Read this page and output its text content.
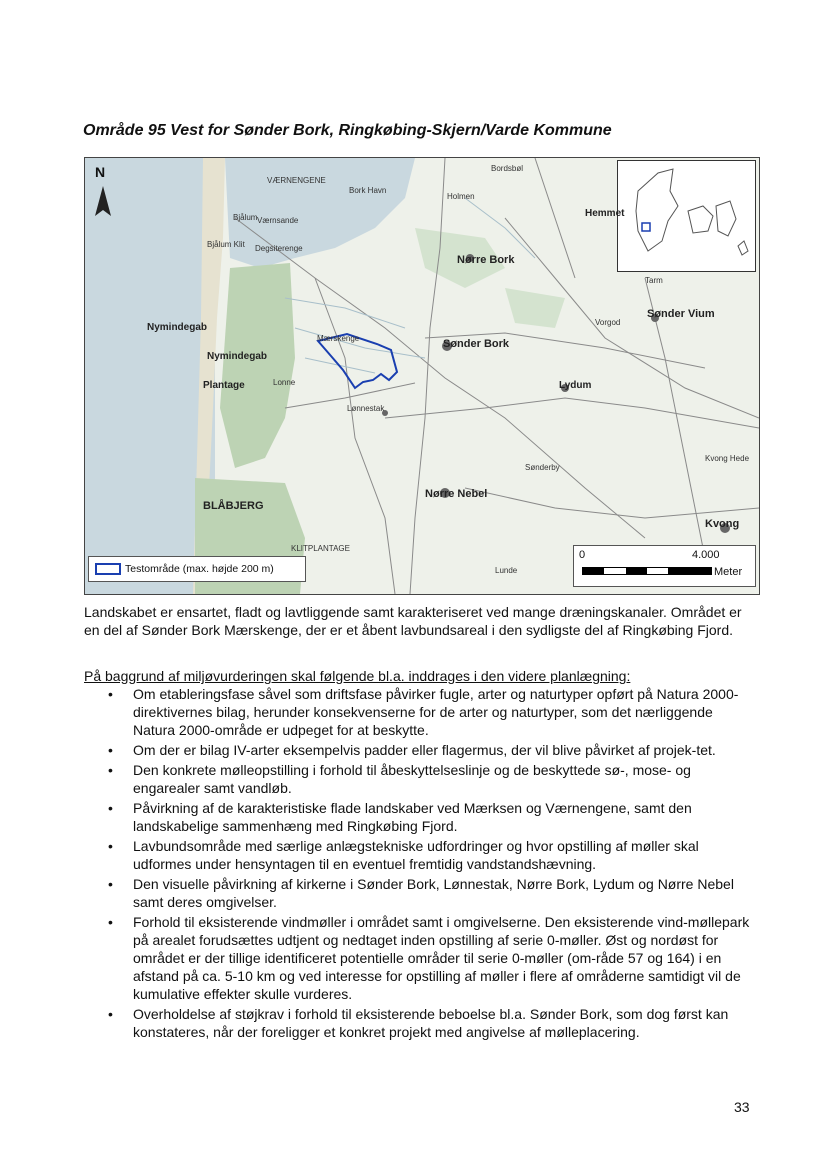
Område 95 Vest for Sønder Bork, Ringkøbing-Skjern/Varde Kommune
N
VÆRNENGENE
Bork Havn
Bjålum Værnsande
Bjålum Klit Degsiterenge
Nymindegab
Nymindegab
Plantage	Lonne
Lønnestak
Sønder Bork
Nørre Bork
Sønder Vium
Lydum
Nørre Nebel
BLÅBJERG
Kvong
Sønderby
Holmen
Bordsbøl
Mærskenge
Vorgod
Lunde
Tarm
Hemmet
Kvong Hede
KLITPLANTAGE
Testområde (max. højde 200 m)
0	4.000
Meter

Landskabet er ensartet, fladt og lavtliggende samt karakteriseret ved mange dræningskanaler. Området er en del af Sønder Bork Mærskenge, der er et åbent lavbundsareal i den sydligste del af Ringkøbing Fjord.

På baggrund af miljøvurderingen skal følgende bl.a. inddrages i den videre planlægning:

• Om etableringsfase såvel som driftsfase påvirker fugle, arter og naturtyper opført på Natura 2000-direktivernes bilag, herunder konsekvenserne for de arter og naturtyper, som det nærliggende Natura 2000-område er udpeget for at beskytte.
• Om der er bilag IV-arter eksempelvis padder eller flagermus, der vil blive påvirket af projek-tet.
• Den konkrete mølleopstilling i forhold til åbeskyttelseslinje og de beskyttede sø-, mose- og engarealer samt vandløb.
• Påvirkning af de karakteristiske flade landskaber ved Mærksen og Værnengene, samt den landskabelige sammenhæng med Ringkøbing Fjord.
• Lavbundsområde med særlige anlægstekniske udfordringer og hvor opstilling af møller skal udformes under hensyntagen til en eventuel fremtidig vandstandshævning.
• Den visuelle påvirkning af kirkerne i Sønder Bork, Lønnestak, Nørre Bork, Lydum og Nørre Nebel samt deres omgivelser.
• Forhold til eksisterende vindmøller i området samt i omgivelserne. Den eksisterende vind-møllepark på arealet forudsættes udtjent og nedtaget inden opstilling af serie 0-møller. Øst og nordøst for området er der tillige identificeret potentielle områder til serie 0-møller (om-råde 57 og 164) i en afstand på ca. 5-10 km og ved interesse for opstilling af møller i flere af områderne samtidigt vil de kumulative effekter skulle vurderes.
• Overholdelse af støjkrav i forhold til eksisterende beboelse bl.a. Sønder Bork, som dog først kan konstateres, når der foreligger et konkret projekt med angivelse af mølleplacering.
33
